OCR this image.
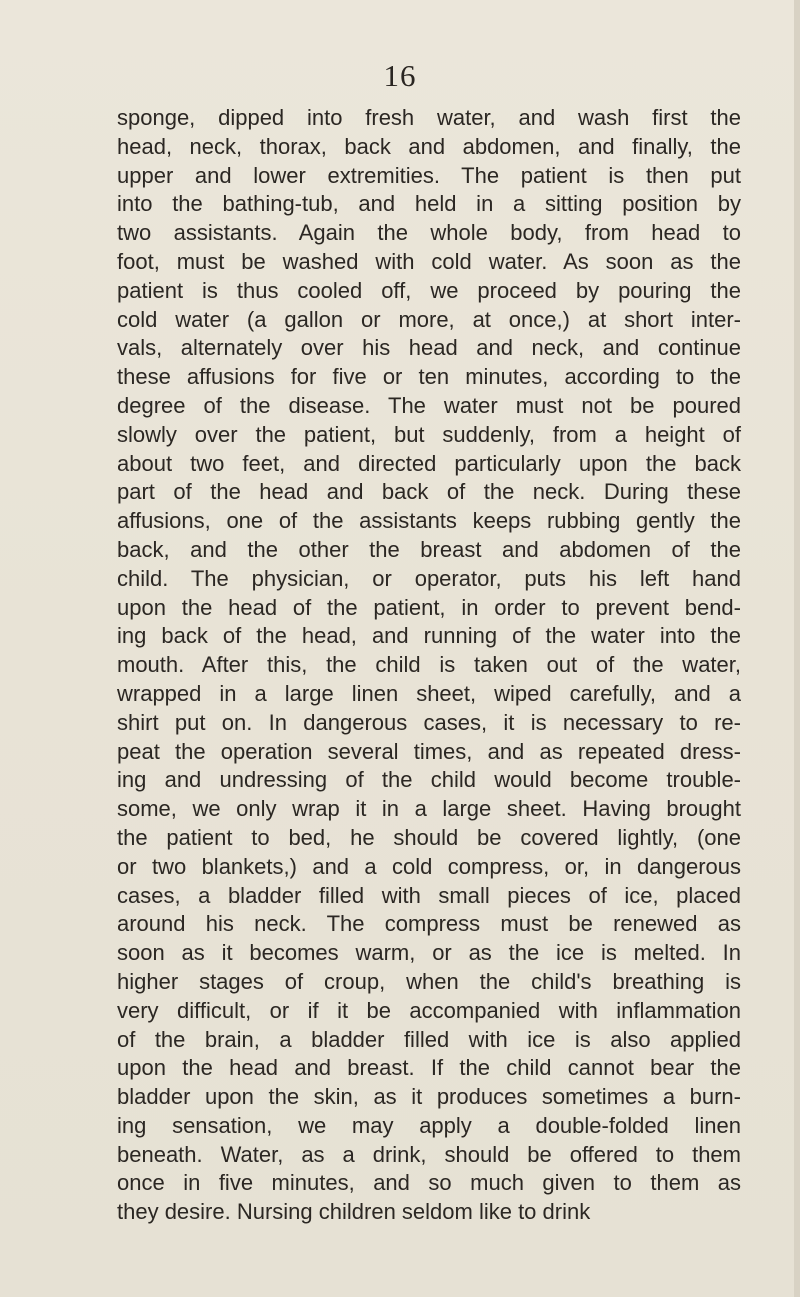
16
sponge, dipped into fresh water, and wash first the
head, neck, thorax, back and abdomen, and finally, the
upper and lower extremities. The patient is then put
into the bathing-tub, and held in a sitting position by
two assistants. Again the whole body, from head to
foot, must be washed with cold water. As soon as the
patient is thus cooled off, we proceed by pouring the
cold water (a gallon or more, at once,) at short inter-
vals, alternately over his head and neck, and continue
these affusions for five or ten minutes, according to the
degree of the disease. The water must not be poured
slowly over the patient, but suddenly, from a height of
about two feet, and directed particularly upon the back
part of the head and back of the neck. During these
affusions, one of the assistants keeps rubbing gently the
back, and the other the breast and abdomen of the
child. The physician, or operator, puts his left hand
upon the head of the patient, in order to prevent bend-
ing back of the head, and running of the water into the
mouth. After this, the child is taken out of the water,
wrapped in a large linen sheet, wiped carefully, and a
shirt put on. In dangerous cases, it is necessary to re-
peat the operation several times, and as repeated dress-
ing and undressing of the child would become trouble-
some, we only wrap it in a large sheet. Having brought
the patient to bed, he should be covered lightly, (one
or two blankets,) and a cold compress, or, in dangerous
cases, a bladder filled with small pieces of ice, placed
around his neck. The compress must be renewed as
soon as it becomes warm, or as the ice is melted. In
higher stages of croup, when the child's breathing is
very difficult, or if it be accompanied with inflammation
of the brain, a bladder filled with ice is also applied
upon the head and breast. If the child cannot bear the
bladder upon the skin, as it produces sometimes a burn-
ing sensation, we may apply a double-folded linen
beneath. Water, as a drink, should be offered to them
once in five minutes, and so much given to them as
they desire. Nursing children seldom like to drink
